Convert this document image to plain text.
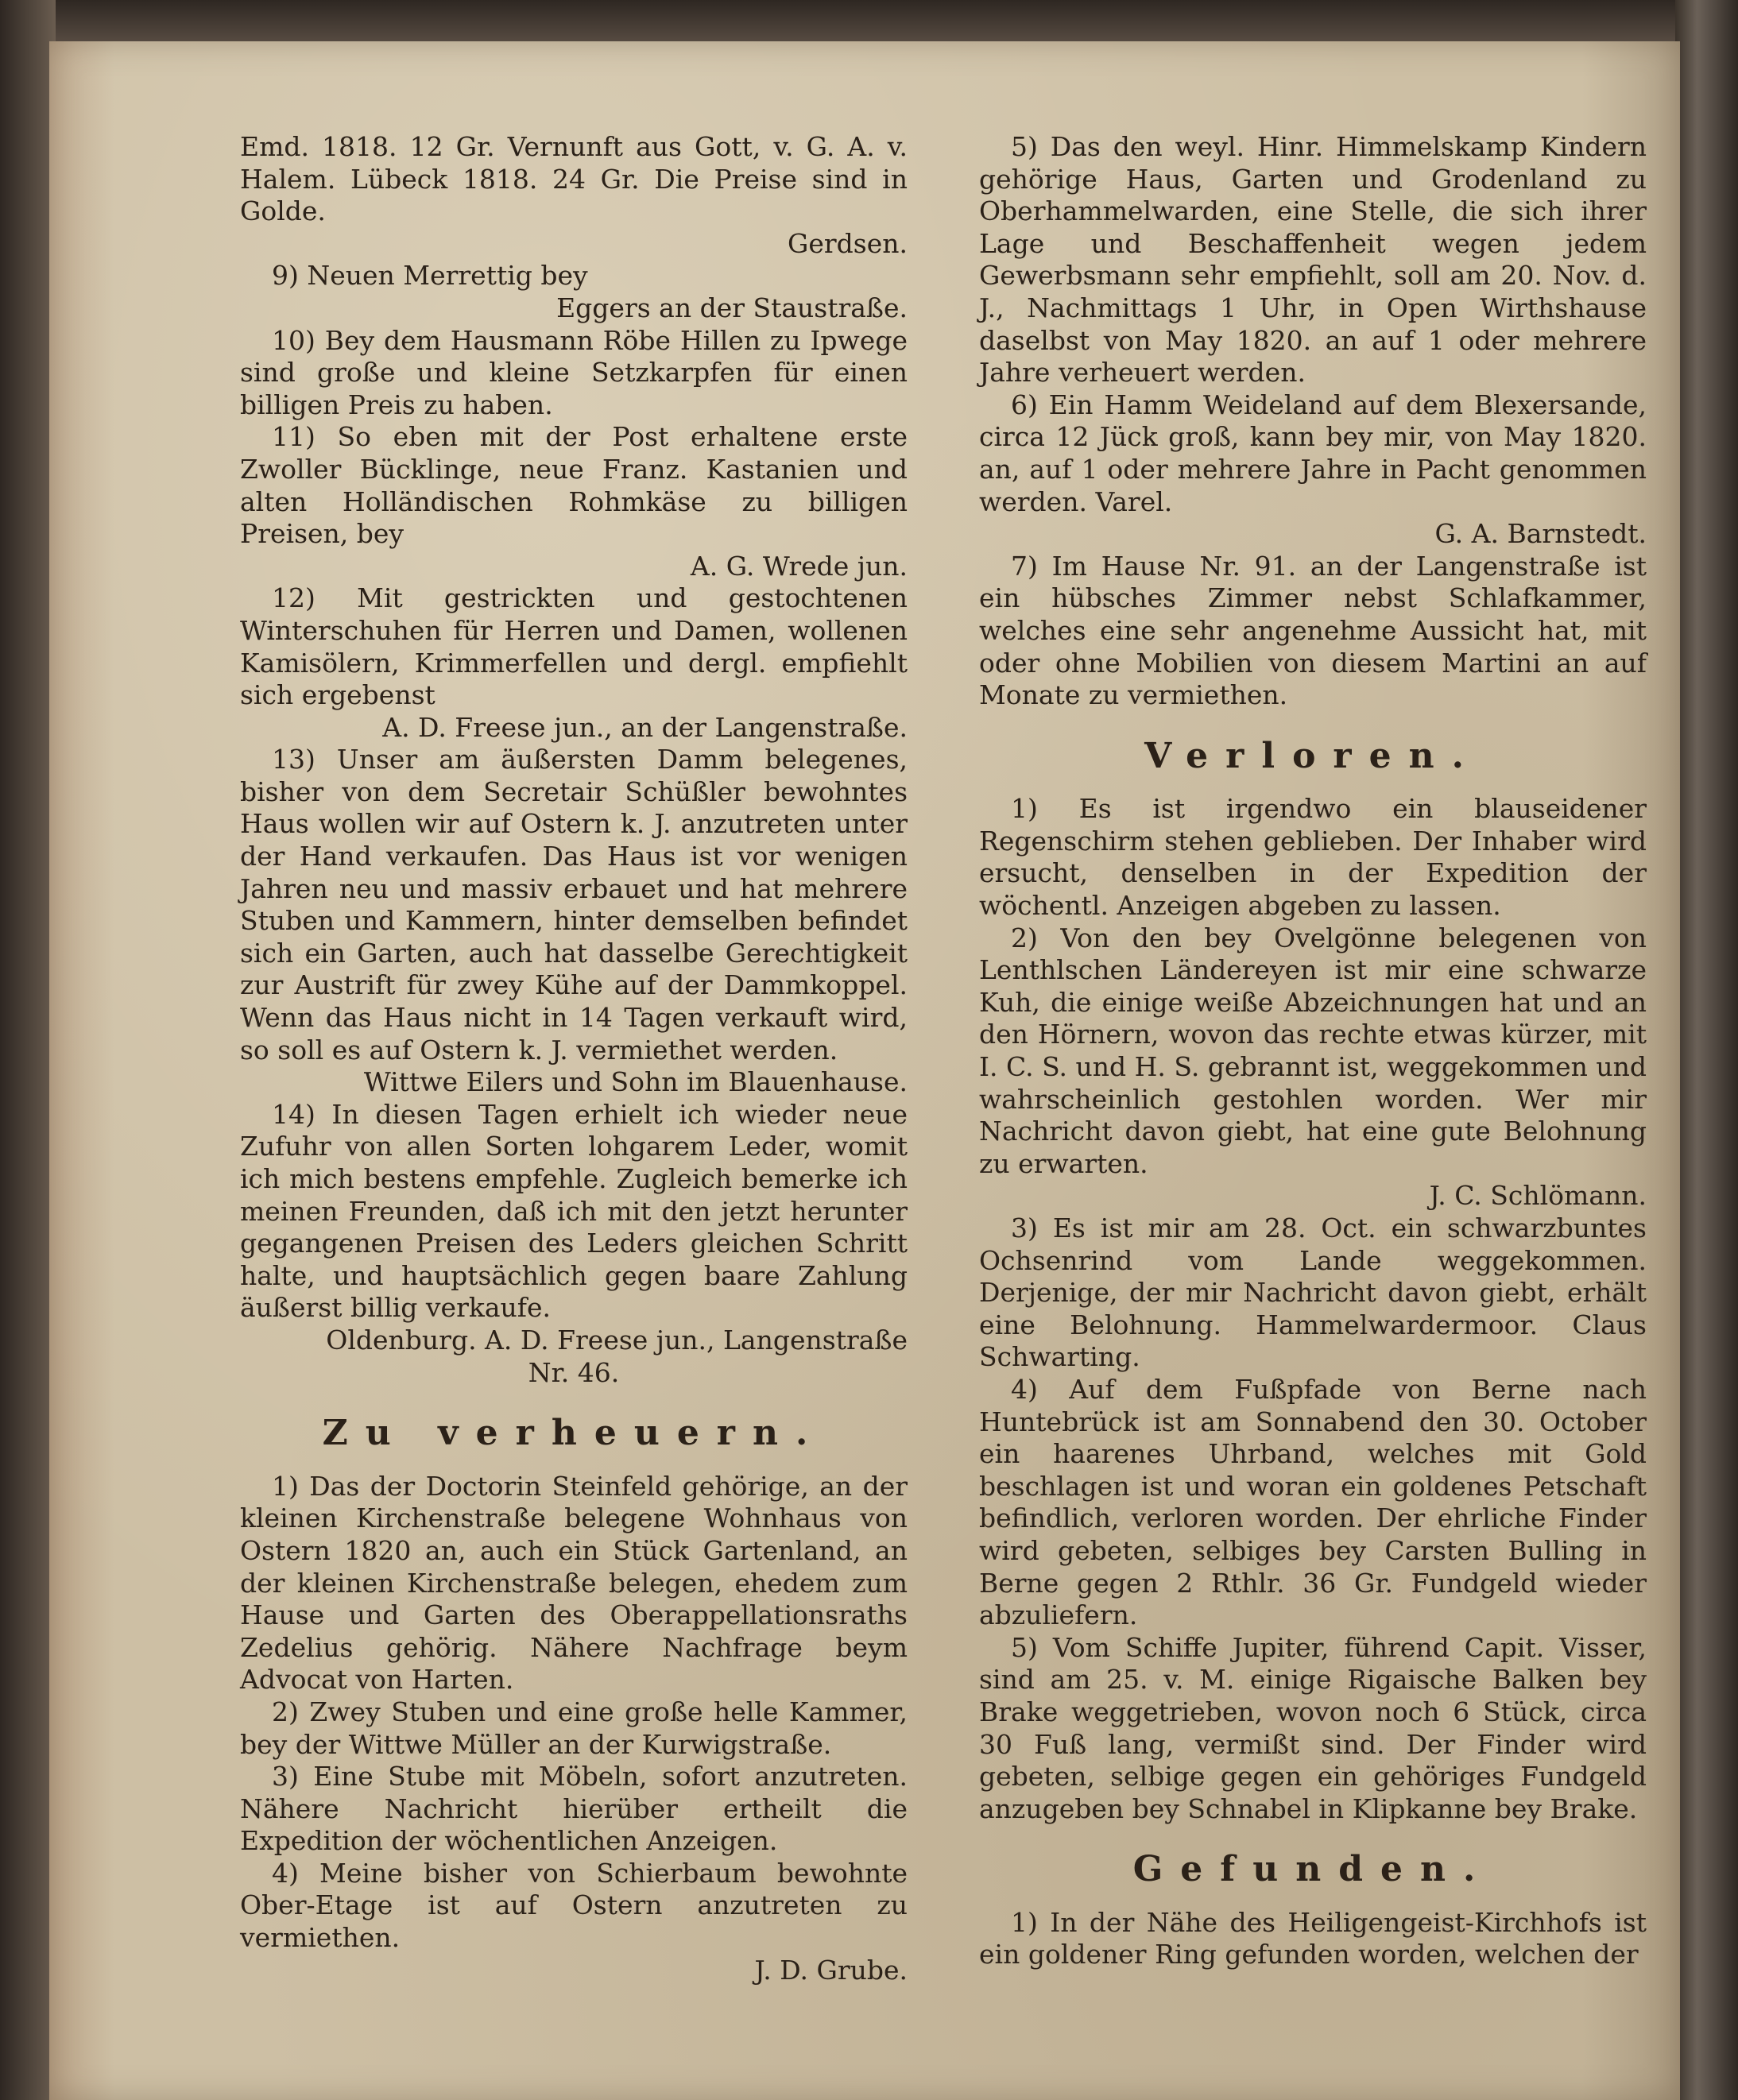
Emd. 1818. 12 Gr. Vernunft aus Gott, v. G. A. v. Halem. Lübeck 1818. 24 Gr. Die Preise sind in Golde.

Gerdsen.

9) Neuen Merrettig bey

Eggers an der Staustraße.

10) Bey dem Hausmann Röbe Hillen zu Ipwege sind große und kleine Setzkarpfen für einen billigen Preis zu haben.

11) So eben mit der Post erhaltene erste Zwoller Bücklinge, neue Franz. Kastanien und alten Holländischen Rohmkäse zu billigen Preisen, bey

A. G. Wrede jun.

12) Mit gestrickten und gestochtenen Winterschuhen für Herren und Damen, wollenen Kamisölern, Krimmerfellen und dergl. empfiehlt sich ergebenst

A. D. Freese jun., an der Langenstraße.

13) Unser am äußersten Damm belegenes, bisher von dem Secretair Schüßler bewohntes Haus wollen wir auf Ostern k. J. anzutreten unter der Hand verkaufen. Das Haus ist vor wenigen Jahren neu und massiv erbauet und hat mehrere Stuben und Kammern, hinter demselben befindet sich ein Garten, auch hat dasselbe Gerechtigkeit zur Austrift für zwey Kühe auf der Dammkoppel. Wenn das Haus nicht in 14 Tagen verkauft wird, so soll es auf Ostern k. J. vermiethet werden.

Wittwe Eilers und Sohn im Blauenhause.

14) In diesen Tagen erhielt ich wieder neue Zufuhr von allen Sorten lohgarem Leder, womit ich mich bestens empfehle. Zugleich bemerke ich meinen Freunden, daß ich mit den jetzt herunter gegangenen Preisen des Leders gleichen Schritt halte, und hauptsächlich gegen baare Zahlung äußerst billig verkaufe.

Oldenburg. A. D. Freese jun., Langenstraße

Nr. 46.

Zu verheuern.

1) Das der Doctorin Steinfeld gehörige, an der kleinen Kirchenstraße belegene Wohnhaus von Ostern 1820 an, auch ein Stück Gartenland, an der kleinen Kirchenstraße belegen, ehedem zum Hause und Garten des Oberappellationsraths Zedelius gehörig. Nähere Nachfrage beym Advocat von Harten.

2) Zwey Stuben und eine große helle Kammer, bey der Wittwe Müller an der Kurwigstraße.

3) Eine Stube mit Möbeln, sofort anzutreten. Nähere Nachricht hierüber ertheilt die Expedition der wöchentlichen Anzeigen.

4) Meine bisher von Schierbaum bewohnte Ober-Etage ist auf Ostern anzutreten zu vermiethen.

J. D. Grube.

5) Das den weyl. Hinr. Himmelskamp Kindern gehörige Haus, Garten und Grodenland zu Oberhammelwarden, eine Stelle, die sich ihrer Lage und Beschaffenheit wegen jedem Gewerbsmann sehr empfiehlt, soll am 20. Nov. d. J., Nachmittags 1 Uhr, in Open Wirthshause daselbst von May 1820. an auf 1 oder mehrere Jahre verheuert werden.

6) Ein Hamm Weideland auf dem Blexersande, circa 12 Jück groß, kann bey mir, von May 1820. an, auf 1 oder mehrere Jahre in Pacht genommen werden. Varel.

G. A. Barnstedt.

7) Im Hause Nr. 91. an der Langenstraße ist ein hübsches Zimmer nebst Schlafkammer, welches eine sehr angenehme Aussicht hat, mit oder ohne Mobilien von diesem Martini an auf Monate zu vermiethen.

Verloren.

1) Es ist irgendwo ein blauseidener Regenschirm stehen geblieben. Der Inhaber wird ersucht, denselben in der Expedition der wöchentl. Anzeigen abgeben zu lassen.

2) Von den bey Ovelgönne belegenen von Lenthlschen Ländereyen ist mir eine schwarze Kuh, die einige weiße Abzeichnungen hat und an den Hörnern, wovon das rechte etwas kürzer, mit I. C. S. und H. S. gebrannt ist, weggekommen und wahrscheinlich gestohlen worden. Wer mir Nachricht davon giebt, hat eine gute Belohnung zu erwarten.

J. C. Schlömann.

3) Es ist mir am 28. Oct. ein schwarzbuntes Ochsenrind vom Lande weggekommen. Derjenige, der mir Nachricht davon giebt, erhält eine Belohnung. Hammelwardermoor. Claus Schwarting.

4) Auf dem Fußpfade von Berne nach Huntebrück ist am Sonnabend den 30. October ein haarenes Uhrband, welches mit Gold beschlagen ist und woran ein goldenes Petschaft befindlich, verloren worden. Der ehrliche Finder wird gebeten, selbiges bey Carsten Bulling in Berne gegen 2 Rthlr. 36 Gr. Fundgeld wieder abzuliefern.

5) Vom Schiffe Jupiter, führend Capit. Visser, sind am 25. v. M. einige Rigaische Balken bey Brake weggetrieben, wovon noch 6 Stück, circa 30 Fuß lang, vermißt sind. Der Finder wird gebeten, selbige gegen ein gehöriges Fundgeld anzugeben bey Schnabel in Klipkanne bey Brake.

Gefunden.

1) In der Nähe des Heiligengeist-Kirchhofs ist ein goldener Ring gefunden worden, welchen der
